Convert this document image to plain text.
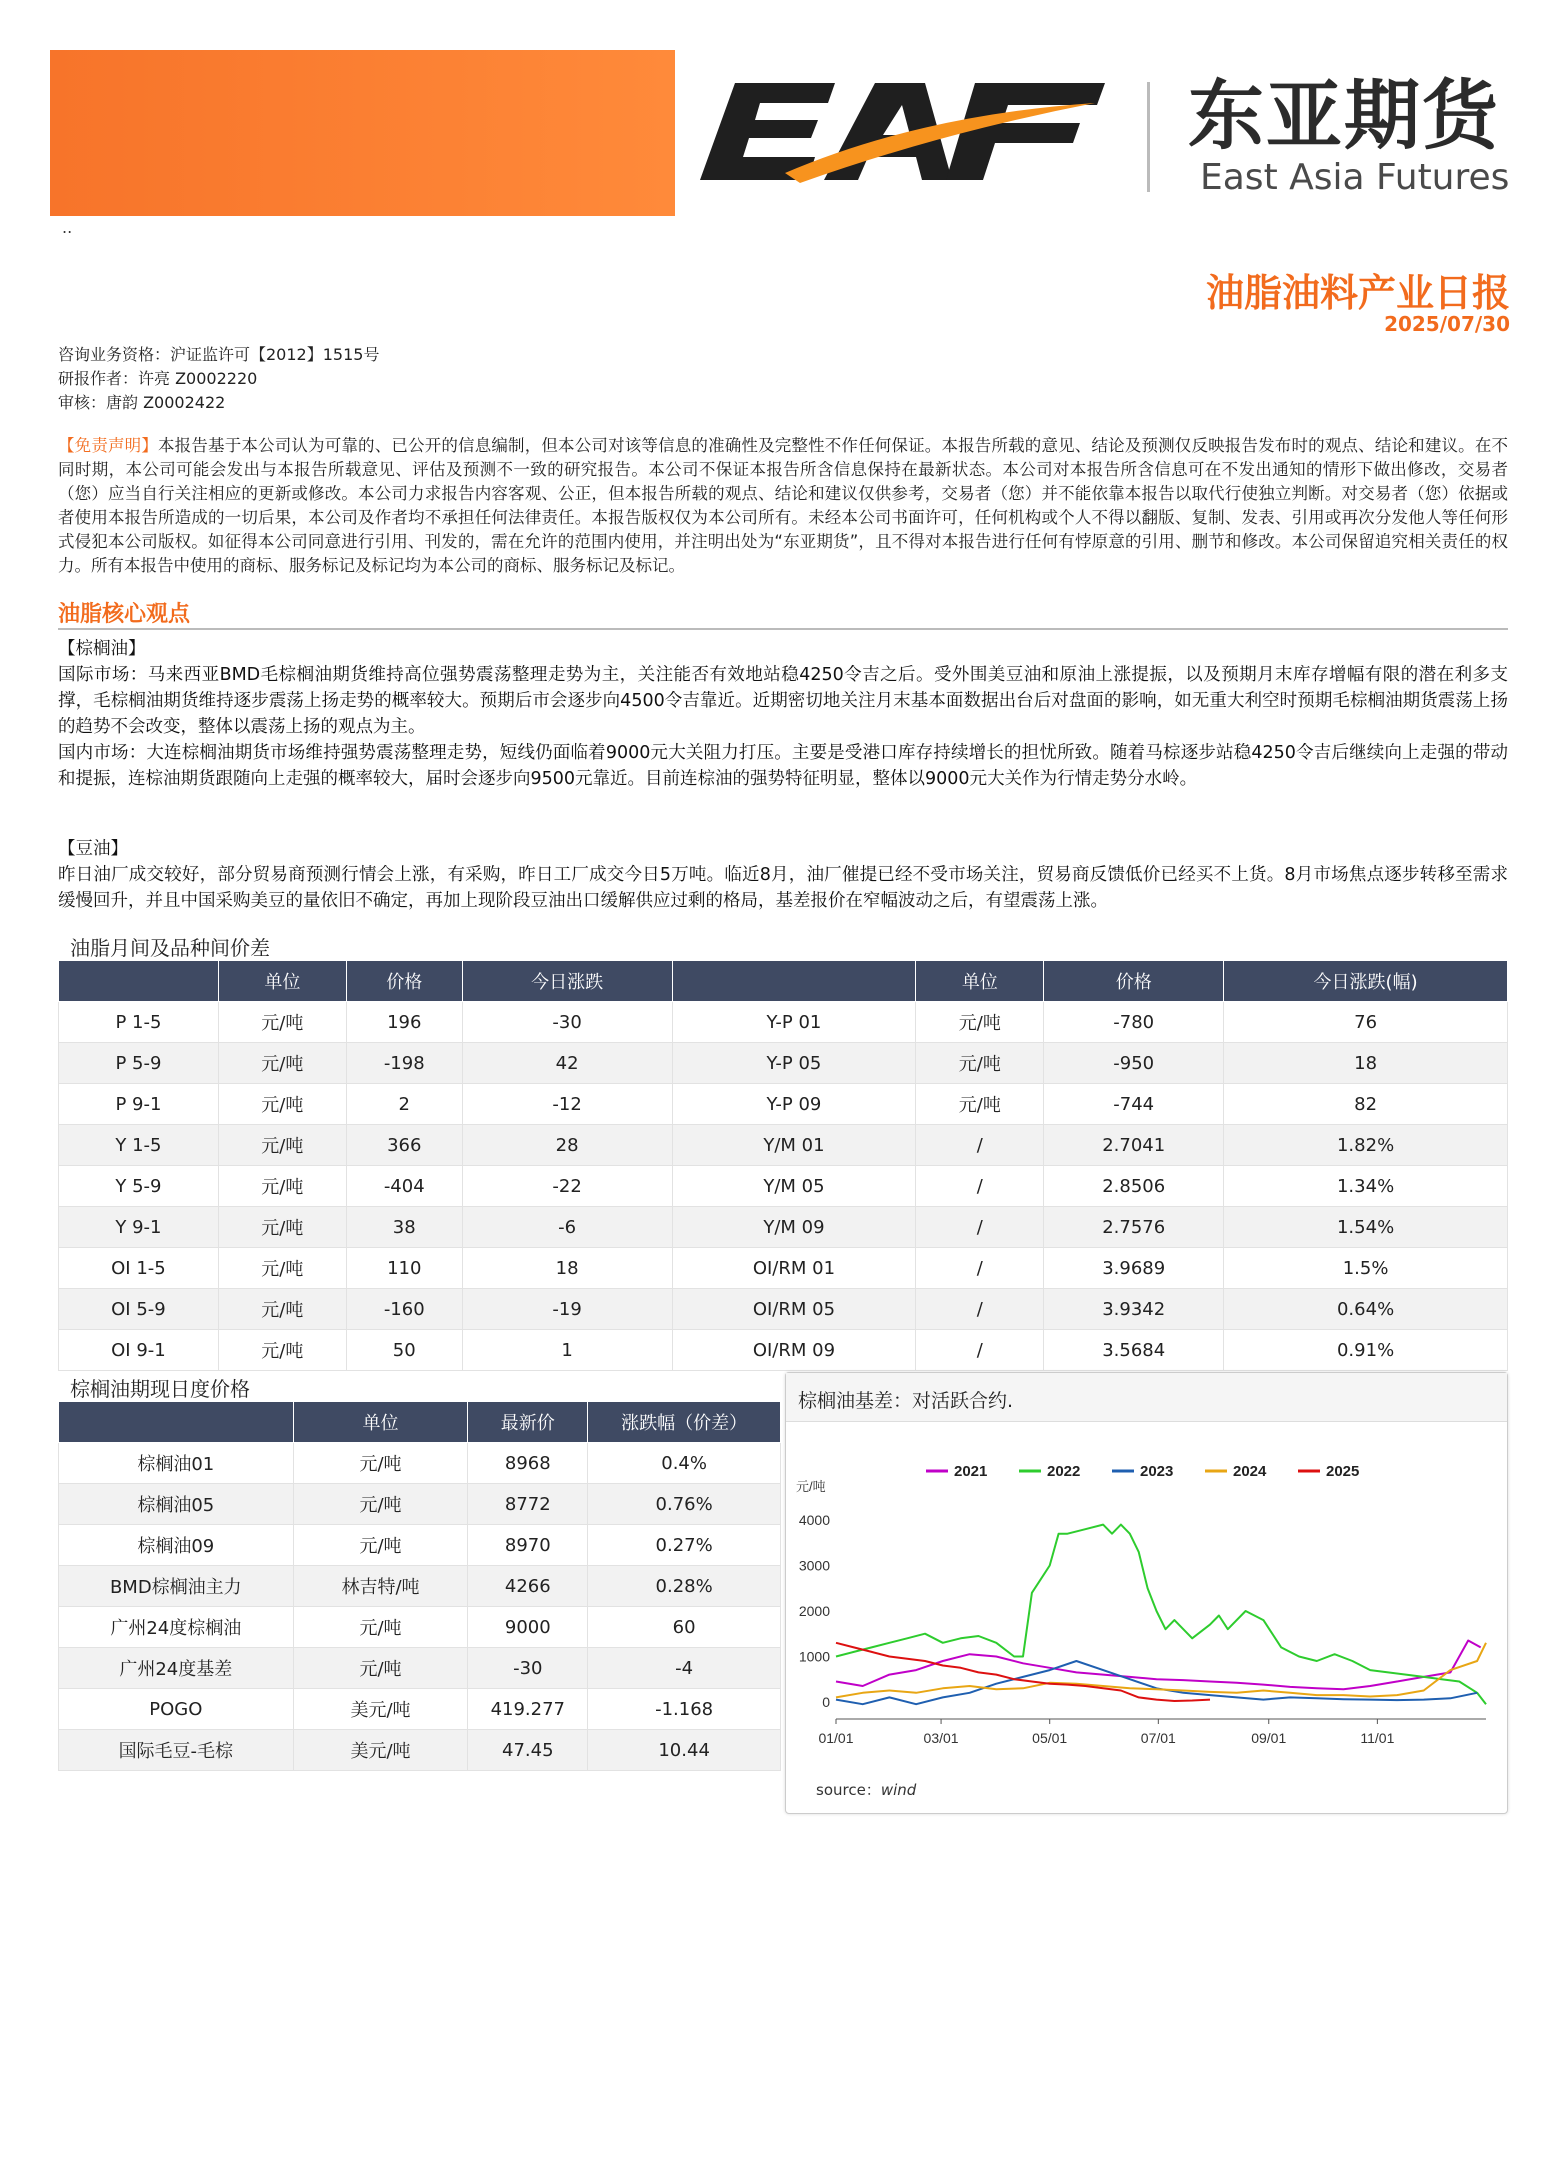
..
东亚期货
East Asia Futures
油脂油料产业日报
2025/07/30
咨询业务资格：沪证监许可【2012】1515号
研报作者：许亮 Z0002220
审核：唐韵 Z0002422
【免责声明】本报告基于本公司认为可靠的、已公开的信息编制，但本公司对该等信息的准确性及完整性不作任何保证。本报告所载的意见、结论及预测仅反映报告发布时的观点、结论和建议。在不同时期，本公司可能会发出与本报告所载意见、评估及预测不一致的研究报告。本公司不保证本报告所含信息保持在最新状态。本公司对本报告所含信息可在不发出通知的情形下做出修改，交易者（您）应当自行关注相应的更新或修改。本公司力求报告内容客观、公正，但本报告所载的观点、结论和建议仅供参考，交易者（您）并不能依靠本报告以取代行使独立判断。对交易者（您）依据或者使用本报告所造成的一切后果，本公司及作者均不承担任何法律责任。本报告版权仅为本公司所有。未经本公司书面许可，任何机构或个人不得以翻版、复制、发表、引用或再次分发他人等任何形式侵犯本公司版权。如征得本公司同意进行引用、刊发的，需在允许的范围内使用，并注明出处为“东亚期货”，且不得对本报告进行任何有悖原意的引用、删节和修改。本公司保留追究相关责任的权力。所有本报告中使用的商标、服务标记及标记均为本公司的商标、服务标记及标记。
油脂核心观点
【棕榈油】
国际市场：马来西亚BMD毛棕榈油期货维持高位强势震荡整理走势为主，关注能否有效地站稳4250令吉之后。受外围美豆油和原油上涨提振，以及预期月末库存增幅有限的潜在利多支撑，毛棕榈油期货维持逐步震荡上扬走势的概率较大。预期后市会逐步向4500令吉靠近。近期密切地关注月末基本面数据出台后对盘面的影响，如无重大利空时预期毛棕榈油期货震荡上扬的趋势不会改变，整体以震荡上扬的观点为主。
国内市场：大连棕榈油期货市场维持强势震荡整理走势，短线仍面临着9000元大关阻力打压。主要是受港口库存持续增长的担忧所致。随着马棕逐步站稳4250令吉后继续向上走强的带动和提振，连棕油期货跟随向上走强的概率较大，届时会逐步向9500元靠近。目前连棕油的强势特征明显，整体以9000元大关作为行情走势分水岭。
【豆油】
昨日油厂成交较好，部分贸易商预测行情会上涨，有采购，昨日工厂成交今日5万吨。临近8月，油厂催提已经不受市场关注，贸易商反馈低价已经买不上货。8月市场焦点逐步转移至需求缓慢回升，并且中国采购美豆的量依旧不确定，再加上现阶段豆油出口缓解供应过剩的格局，基差报价在窄幅波动之后，有望震荡上涨。
油脂月间及品种间价差
	单位	价格	今日涨跌		单位	价格	今日涨跌(幅)
P 1-5	元/吨	196	-30	Y-P 01	元/吨	-780	76
P 5-9	元/吨	-198	42	Y-P 05	元/吨	-950	18
P 9-1	元/吨	2	-12	Y-P 09	元/吨	-744	82
Y 1-5	元/吨	366	28	Y/M 01	/	2.7041	1.82%
Y 5-9	元/吨	-404	-22	Y/M 05	/	2.8506	1.34%
Y 9-1	元/吨	38	-6	Y/M 09	/	2.7576	1.54%
OI 1-5	元/吨	110	18	OI/RM 01	/	3.9689	1.5%
OI 5-9	元/吨	-160	-19	OI/RM 05	/	3.9342	0.64%
OI 9-1	元/吨	50	1	OI/RM 09	/	3.5684	0.91%
棕榈油期现日度价格
	单位	最新价	涨跌幅（价差）
棕榈油01	元/吨	8968	0.4%
棕榈油05	元/吨	8772	0.76%
棕榈油09	元/吨	8970	0.27%
BMD棕榈油主力	林吉特/吨	4266	0.28%
广州24度棕榈油	元/吨	9000	60
广州24度基差	元/吨	-30	-4
POGO	美元/吨	419.277	-1.168
国际毛豆-毛棕	美元/吨	47.45	10.44
棕榈油基差：对活跃合约.
元/吨
0
1000
2000
3000
4000
01/01	03/01	05/01	07/01	09/01	11/01
2021	2022	2023	2024	2025
source：wind
